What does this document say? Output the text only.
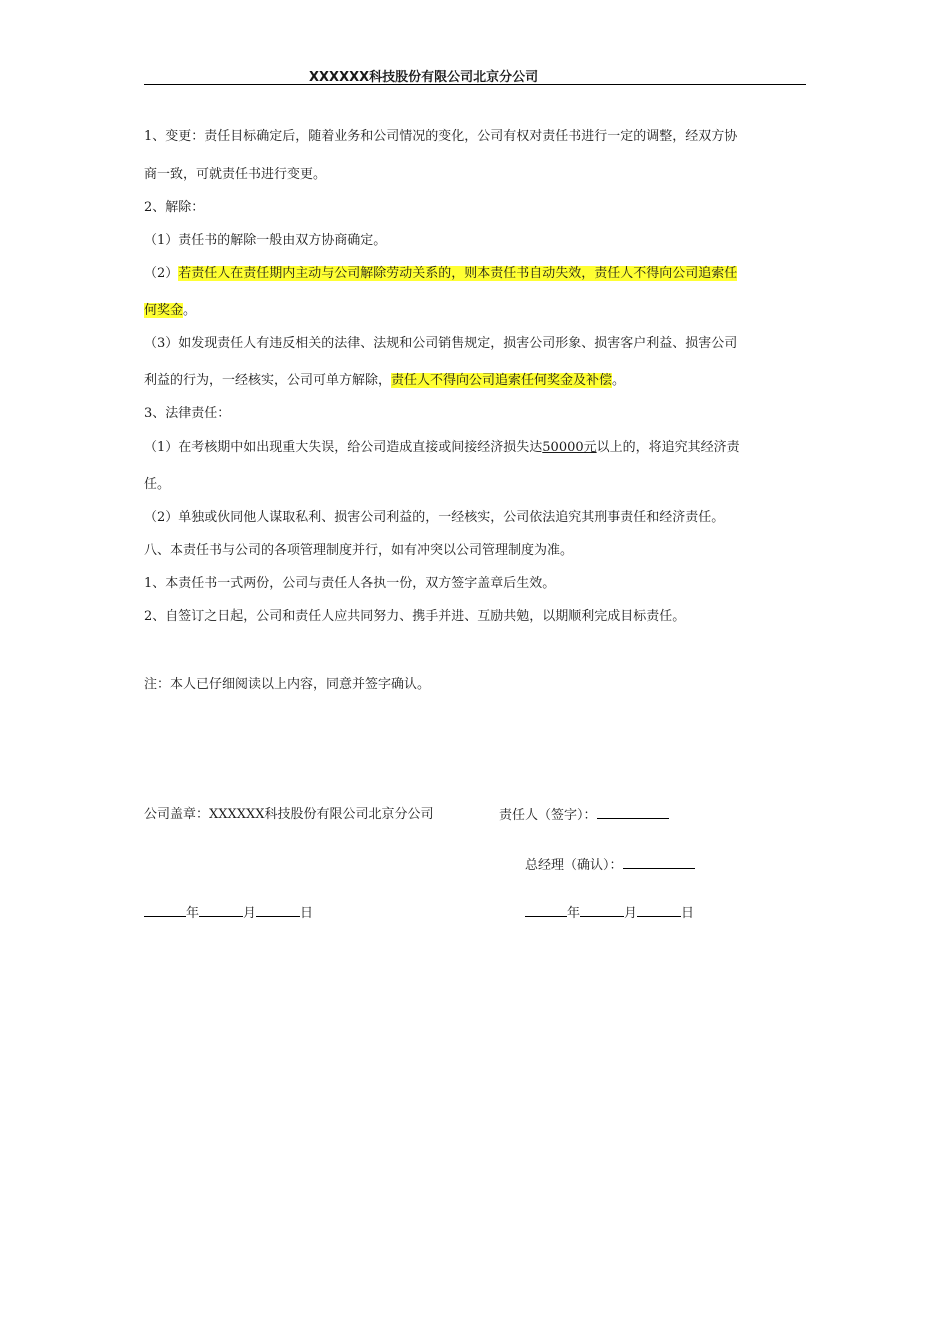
XXXXXX科技股份有限公司北京分公司
1、变更：责任目标确定后，随着业务和公司情况的变化，公司有权对责任书进行一定的调整，经双方协
商一致，可就责任书进行变更。
2、解除：
（1）责任书的解除一般由双方协商确定。
（2）若责任人在责任期内主动与公司解除劳动关系的，则本责任书自动失效，责任人不得向公司追索任
何奖金。
（3）如发现责任人有违反相关的法律、法规和公司销售规定，损害公司形象、损害客户利益、损害公司
利益的行为，一经核实，公司可单方解除，责任人不得向公司追索任何奖金及补偿。
3、法律责任：
（1）在考核期中如出现重大失误，给公司造成直接或间接经济损失达50000元以上的，将追究其经济责
任。
（2）单独或伙同他人谋取私利、损害公司利益的，一经核实，公司依法追究其刑事责任和经济责任。
八、本责任书与公司的各项管理制度并行，如有冲突以公司管理制度为准。
1、本责任书一式两份，公司与责任人各执一份，双方签字盖章后生效。
2、自签订之日起，公司和责任人应共同努力、携手并进、互励共勉，以期顺利完成目标责任。
注：本人已仔细阅读以上内容，同意并签字确认。
公司盖章：XXXXXX科技股份有限公司北京分公司	责任人（签字）：
总经理（确认）：
年	月	日	年	月	日
